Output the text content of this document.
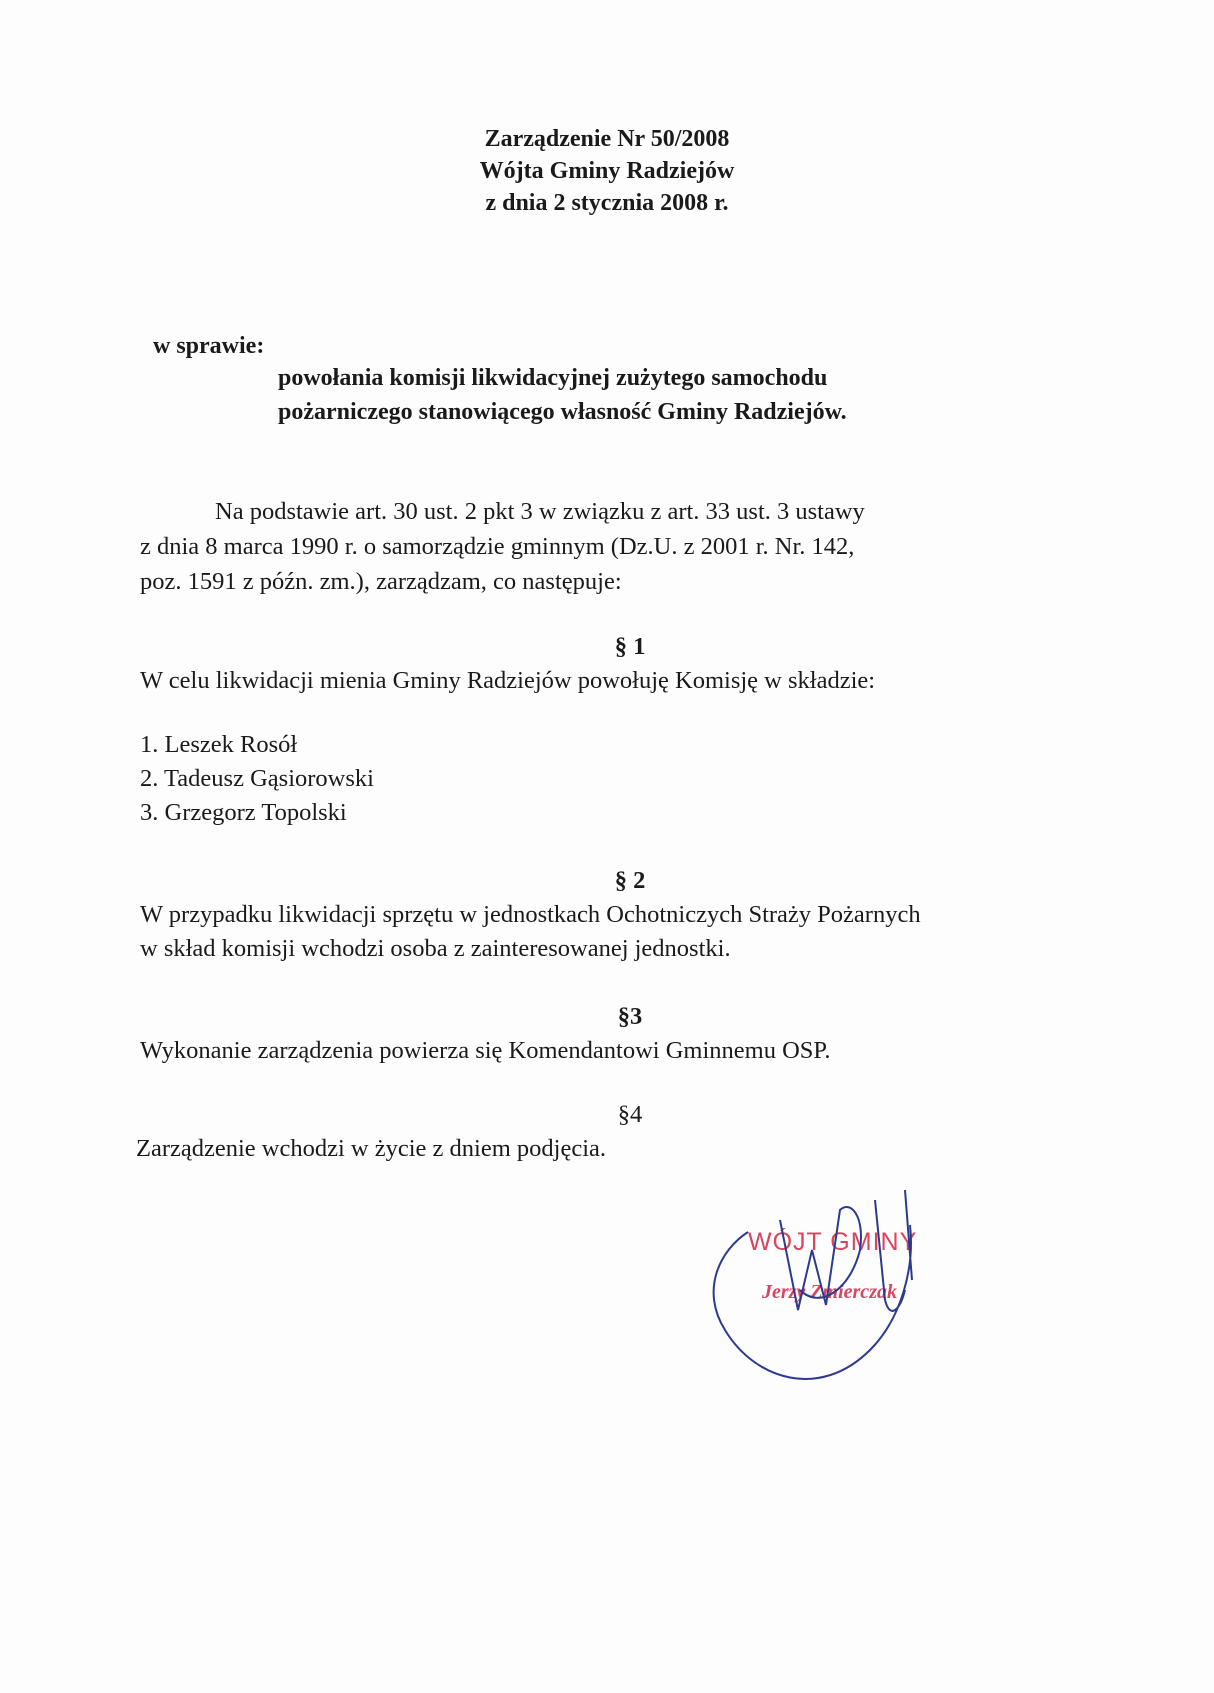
Zarządzenie Nr 50/2008
Wójta Gminy Radziejów
z dnia 2 stycznia 2008 r.
w sprawie:
powołania komisji likwidacyjnej zużytego samochodu
pożarniczego stanowiącego własność Gminy Radziejów.
Na podstawie art. 30 ust. 2 pkt 3 w związku z art. 33 ust. 3 ustawy
z dnia 8 marca 1990 r. o samorządzie gminnym (Dz.U. z 2001 r. Nr. 142,
poz. 1591 z późn. zm.), zarządzam, co następuje:
§ 1
W celu likwidacji mienia Gminy Radziejów powołuję Komisję w składzie:
1. Leszek Rosół
2. Tadeusz Gąsiorowski
3. Grzegorz Topolski
§ 2
W przypadku likwidacji sprzętu w jednostkach Ochotniczych Straży Pożarnych
w skład komisji wchodzi osoba z zainteresowanej jednostki.
§3
Wykonanie zarządzenia powierza się Komendantowi Gminnemu OSP.
§4
Zarządzenie wchodzi w życie z dniem podjęcia.
WÓJT GMINY
Jerzy Zmierczak
